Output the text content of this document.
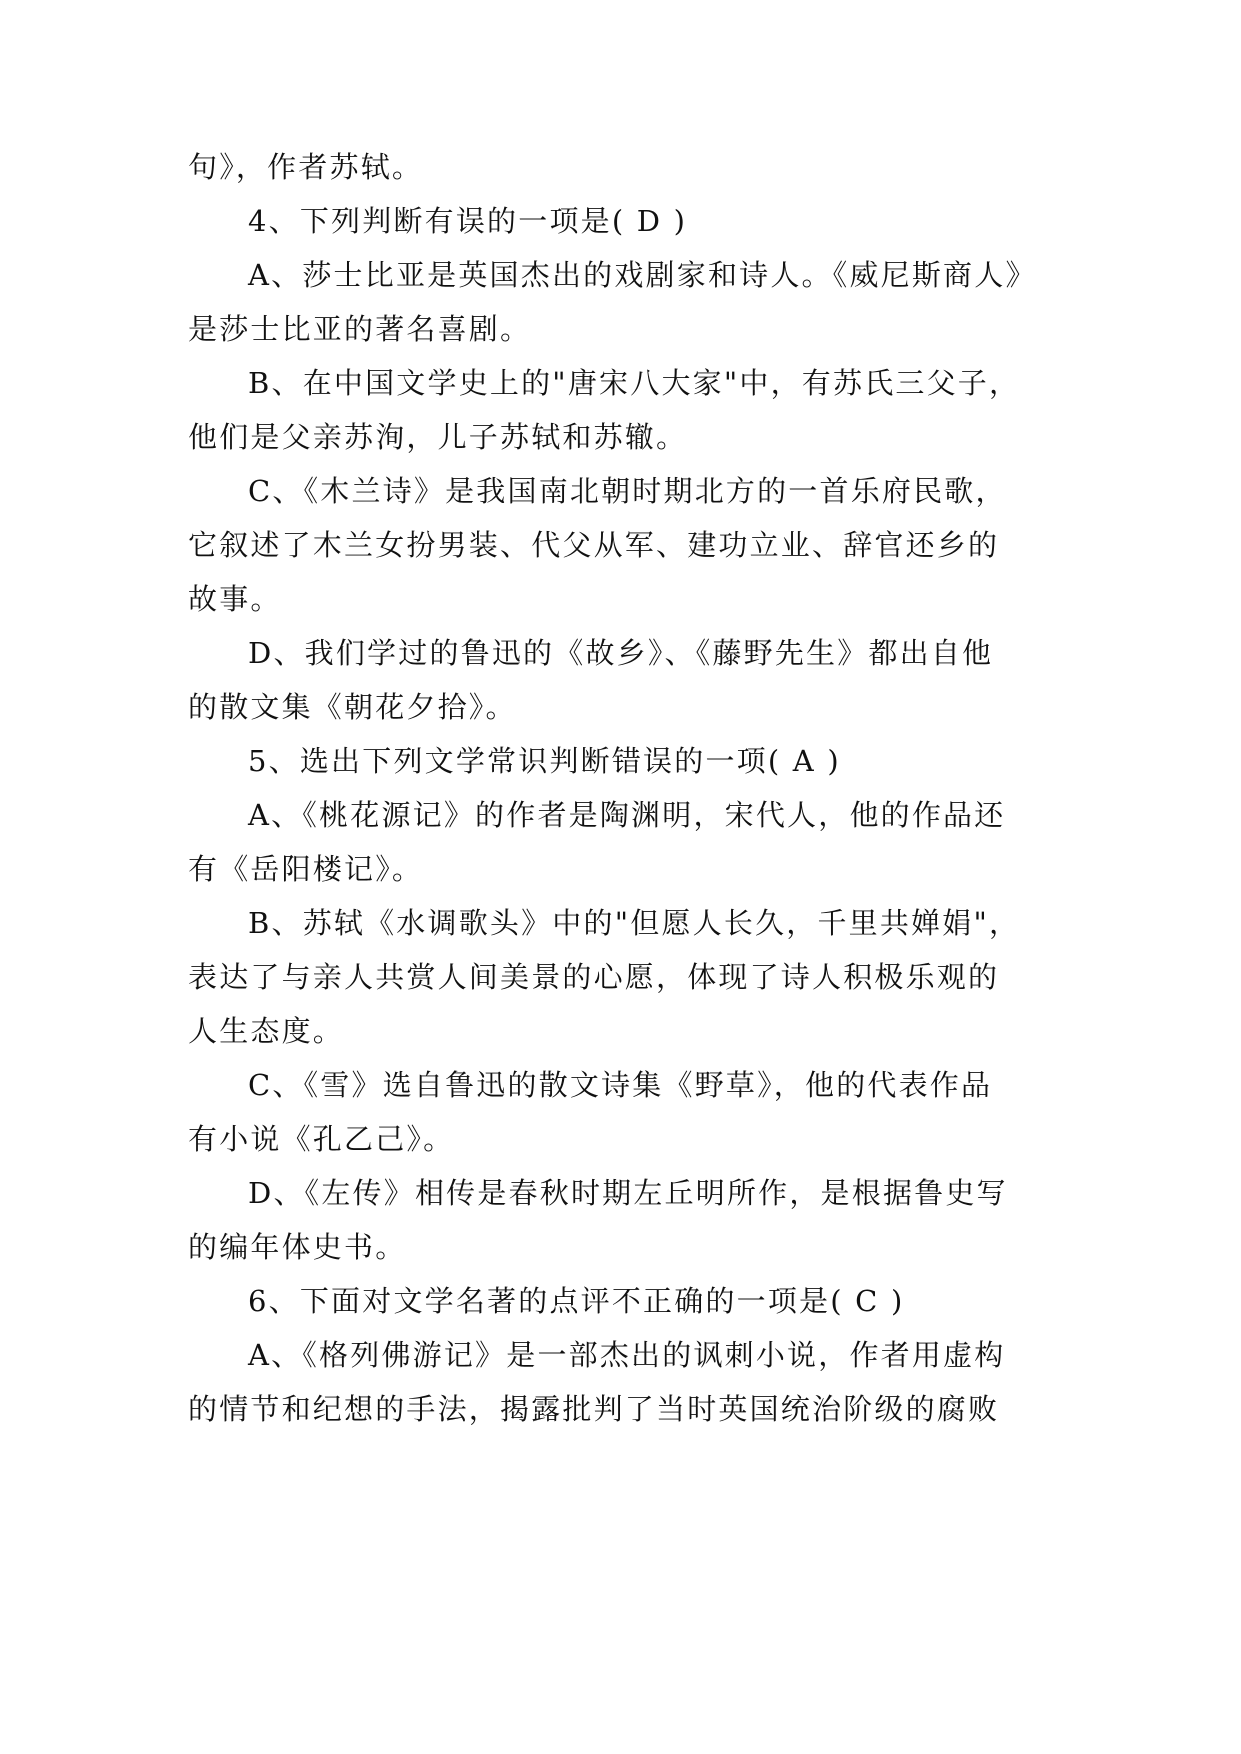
句》，作者苏轼。
4、下列判断有误的一项是( D )
A、莎士比亚是英国杰出的戏剧家和诗人。《威尼斯商人》
是莎士比亚的著名喜剧。
B、在中国文学史上的"唐宋八大家"中，有苏氏三父子，
他们是父亲苏洵，儿子苏轼和苏辙。
C、《木兰诗》是我国南北朝时期北方的一首乐府民歌，
它叙述了木兰女扮男装、代父从军、建功立业、辞官还乡的
故事。
D、我们学过的鲁迅的《故乡》、《藤野先生》都出自他
的散文集《朝花夕拾》。
5、选出下列文学常识判断错误的一项( A )
A、《桃花源记》的作者是陶渊明，宋代人，他的作品还
有《岳阳楼记》。
B、苏轼《水调歌头》中的"但愿人长久，千里共婵娟"，
表达了与亲人共赏人间美景的心愿，体现了诗人积极乐观的
人生态度。
C、《雪》选自鲁迅的散文诗集《野草》，他的代表作品
有小说《孔乙己》。
D、《左传》相传是春秋时期左丘明所作，是根据鲁史写
的编年体史书。
6、下面对文学名著的点评不正确的一项是( C )
A、《格列佛游记》是一部杰出的讽刺小说，作者用虚构
的情节和纪想的手法，揭露批判了当时英国统治阶级的腐败
